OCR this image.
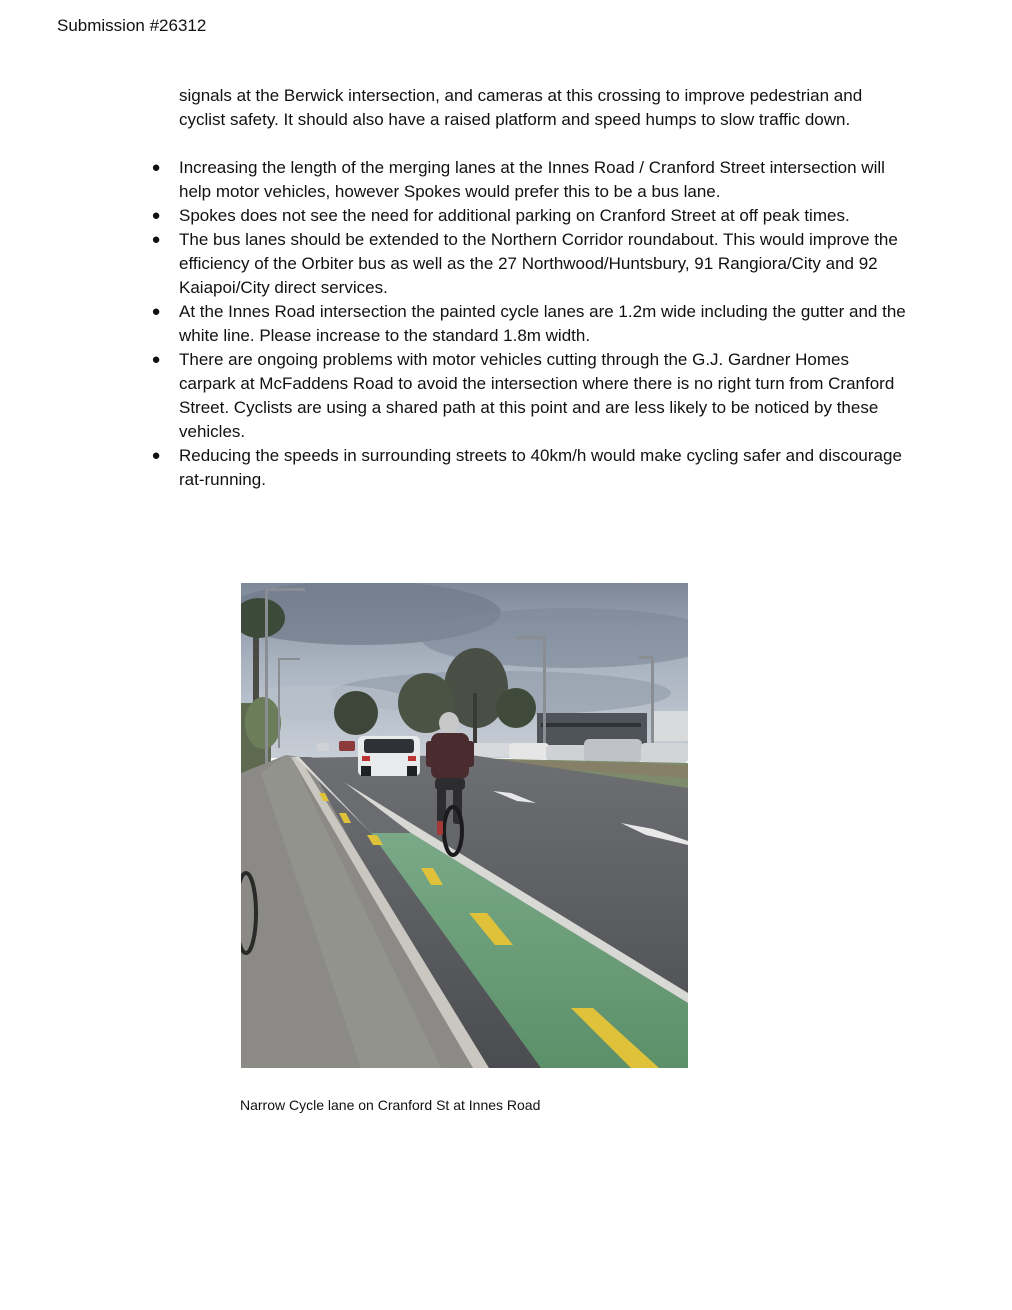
Submission #26312

signals at the Berwick intersection, and cameras at this crossing to improve pedestrian and cyclist safety. It should also have a raised platform and speed humps to slow traffic down.

● Increasing the length of the merging lanes at the Innes Road / Cranford Street intersection will help motor vehicles, however Spokes would prefer this to be a bus lane.
● Spokes does not see the need for additional parking on Cranford Street at off peak times.
● The bus lanes should be extended to the Northern Corridor roundabout. This would improve the efficiency of the Orbiter bus as well as the 27 Northwood/Huntsbury, 91 Rangiora/City and 92 Kaiapoi/City direct services.
● At the Innes Road intersection the painted cycle lanes are 1.2m wide including the gutter and the white line. Please increase to the standard 1.8m width.
● There are ongoing problems with motor vehicles cutting through the G.J. Gardner Homes carpark at McFaddens Road to avoid the intersection where there is no right turn from Cranford Street. Cyclists are using a shared path at this point and are less likely to be noticed by these vehicles.
● Reducing the speeds in surrounding streets to 40km/h would make cycling safer and discourage rat-running.
Narrow Cycle lane on Cranford St at Innes Road
